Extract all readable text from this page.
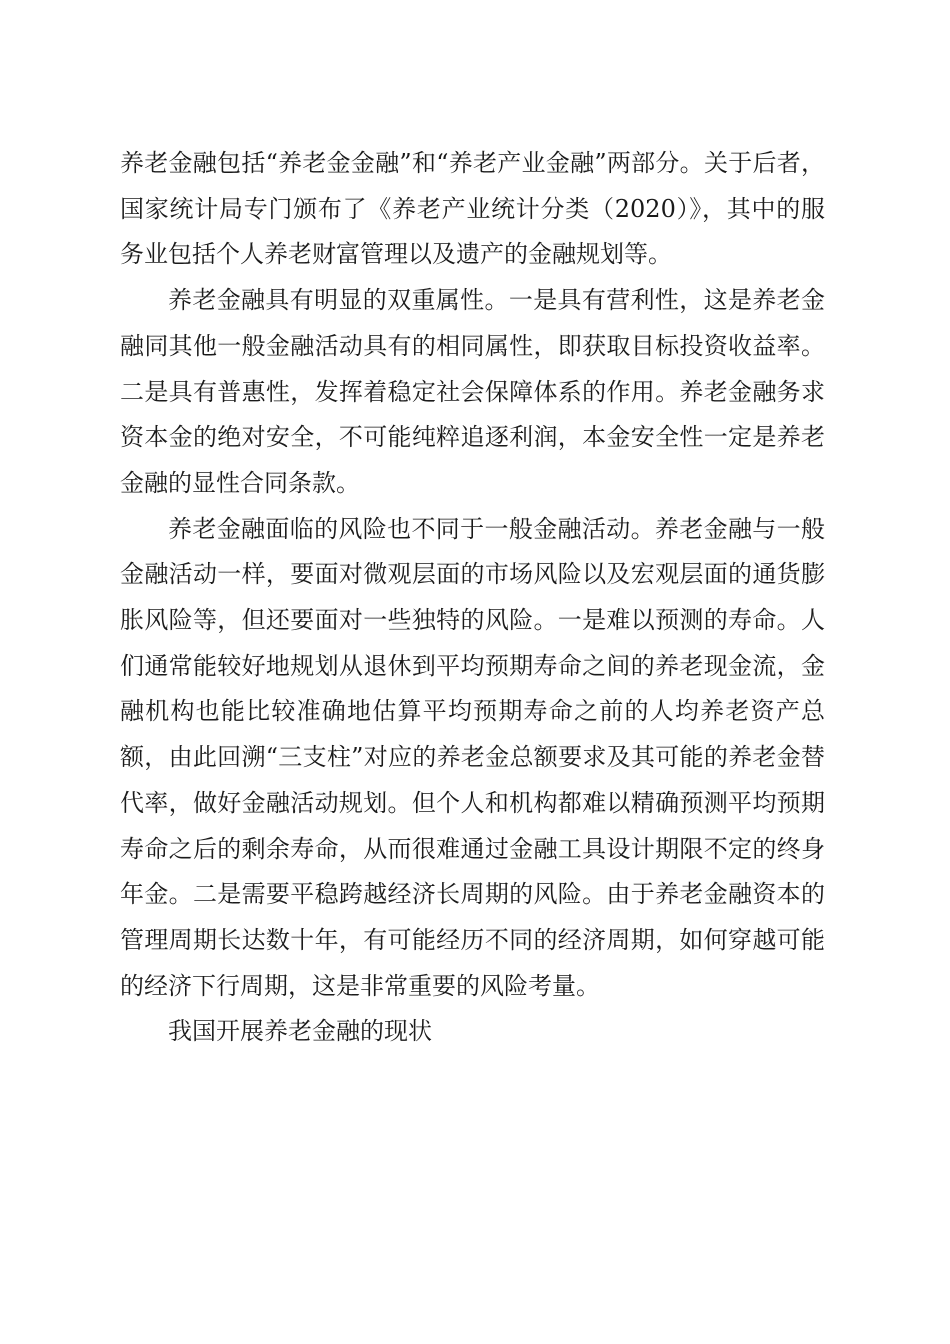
养老金融包括“养老金金融”和“养老产业金融”两部分。关于后者，国家统计局专门颁布了《养老产业统计分类（2020）》，其中的服务业包括个人养老财富管理以及遗产的金融规划等。

养老金融具有明显的双重属性。一是具有营利性，这是养老金融同其他一般金融活动具有的相同属性，即获取目标投资收益率。二是具有普惠性，发挥着稳定社会保障体系的作用。养老金融务求资本金的绝对安全，不可能纯粹追逐利润，本金安全性一定是养老金融的显性合同条款。

养老金融面临的风险也不同于一般金融活动。养老金融与一般金融活动一样，要面对微观层面的市场风险以及宏观层面的通货膨胀风险等，但还要面对一些独特的风险。一是难以预测的寿命。人们通常能较好地规划从退休到平均预期寿命之间的养老现金流，金融机构也能比较准确地估算平均预期寿命之前的人均养老资产总额，由此回溯“三支柱”对应的养老金总额要求及其可能的养老金替代率，做好金融活动规划。但个人和机构都难以精确预测平均预期寿命之后的剩余寿命，从而很难通过金融工具设计期限不定的终身年金。二是需要平稳跨越经济长周期的风险。由于养老金融资本的管理周期长达数十年，有可能经历不同的经济周期，如何穿越可能的经济下行周期，这是非常重要的风险考量。

我国开展养老金融的现状
